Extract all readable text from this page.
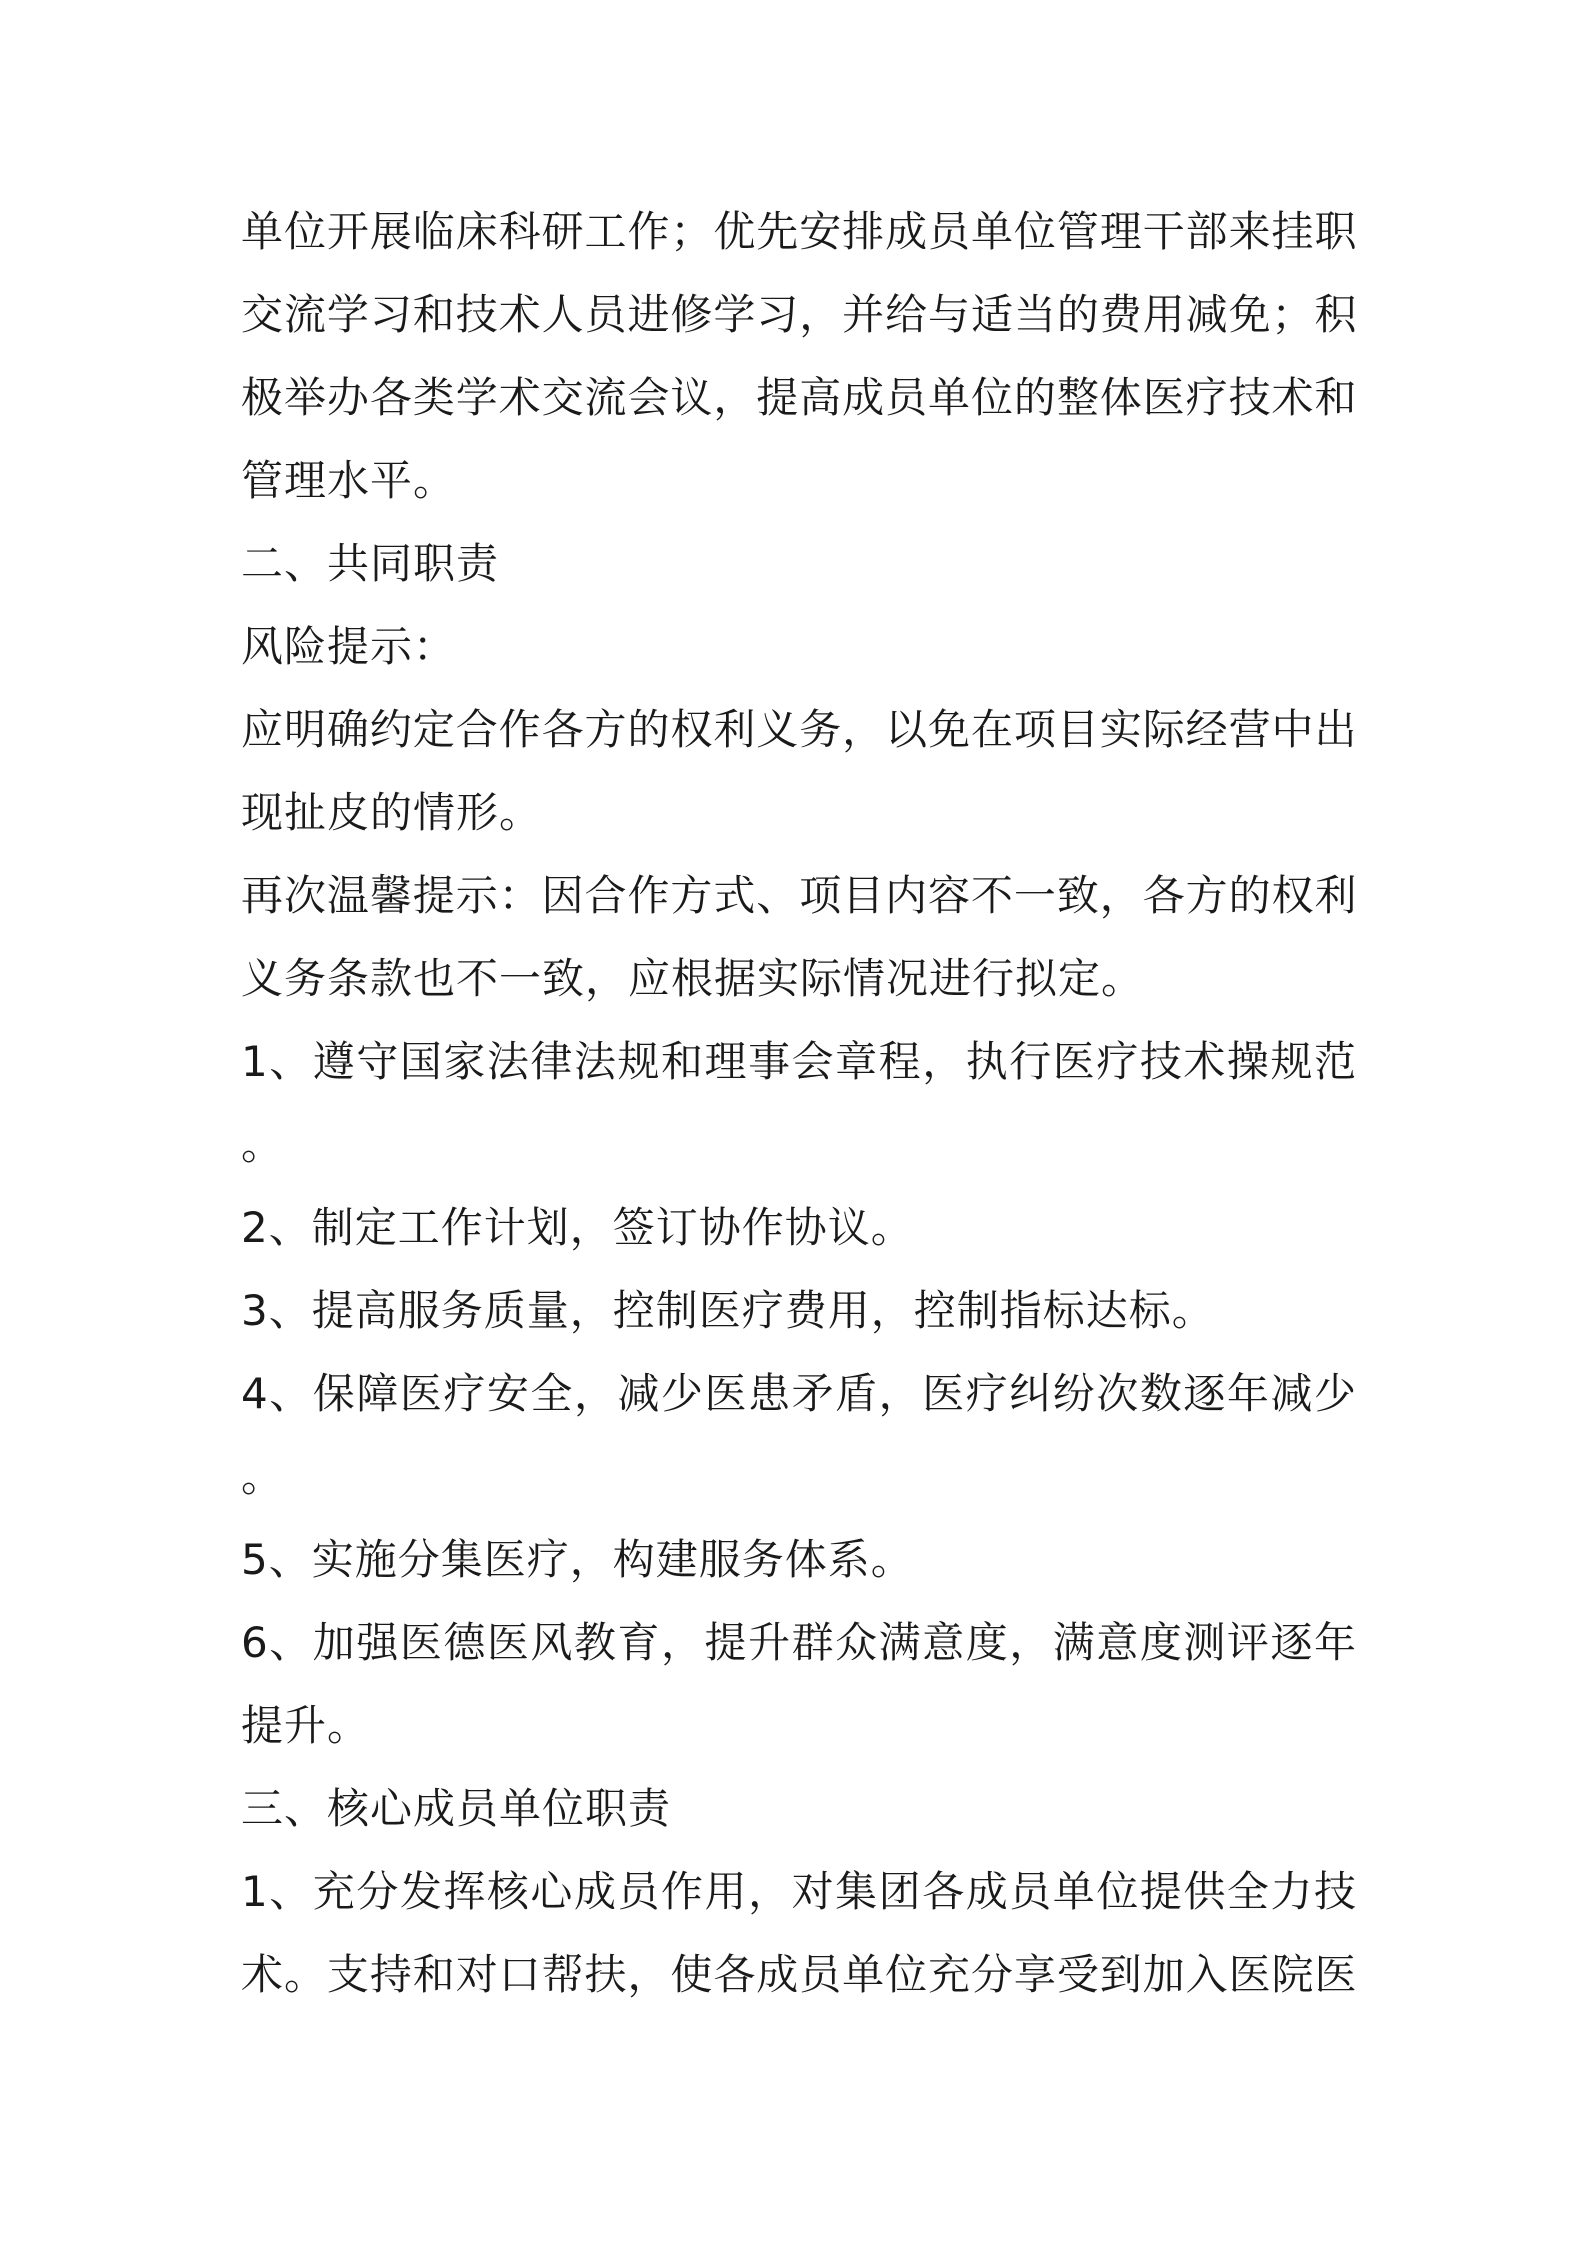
单位开展临床科研工作；优先安排成员单位管理干部来挂职
交流学习和技术人员进修学习，并给与适当的费用减免；积
极举办各类学术交流会议，提高成员单位的整体医疗技术和
管理水平。
二、共同职责
风险提示：
应明确约定合作各方的权利义务，以免在项目实际经营中出
现扯皮的情形。
再次温馨提示：因合作方式、项目内容不一致，各方的权利
义务条款也不一致，应根据实际情况进行拟定。
1、遵守国家法律法规和理事会章程，执行医疗技术操规范
。
2、制定工作计划，签订协作协议。
3、提高服务质量，控制医疗费用，控制指标达标。
4、保障医疗安全，减少医患矛盾，医疗纠纷次数逐年减少
。
5、实施分集医疗，构建服务体系。
6、加强医德医风教育，提升群众满意度，满意度测评逐年
提升。
三、核心成员单位职责
1、充分发挥核心成员作用，对集团各成员单位提供全力技
术。支持和对口帮扶，使各成员单位充分享受到加入医院医
